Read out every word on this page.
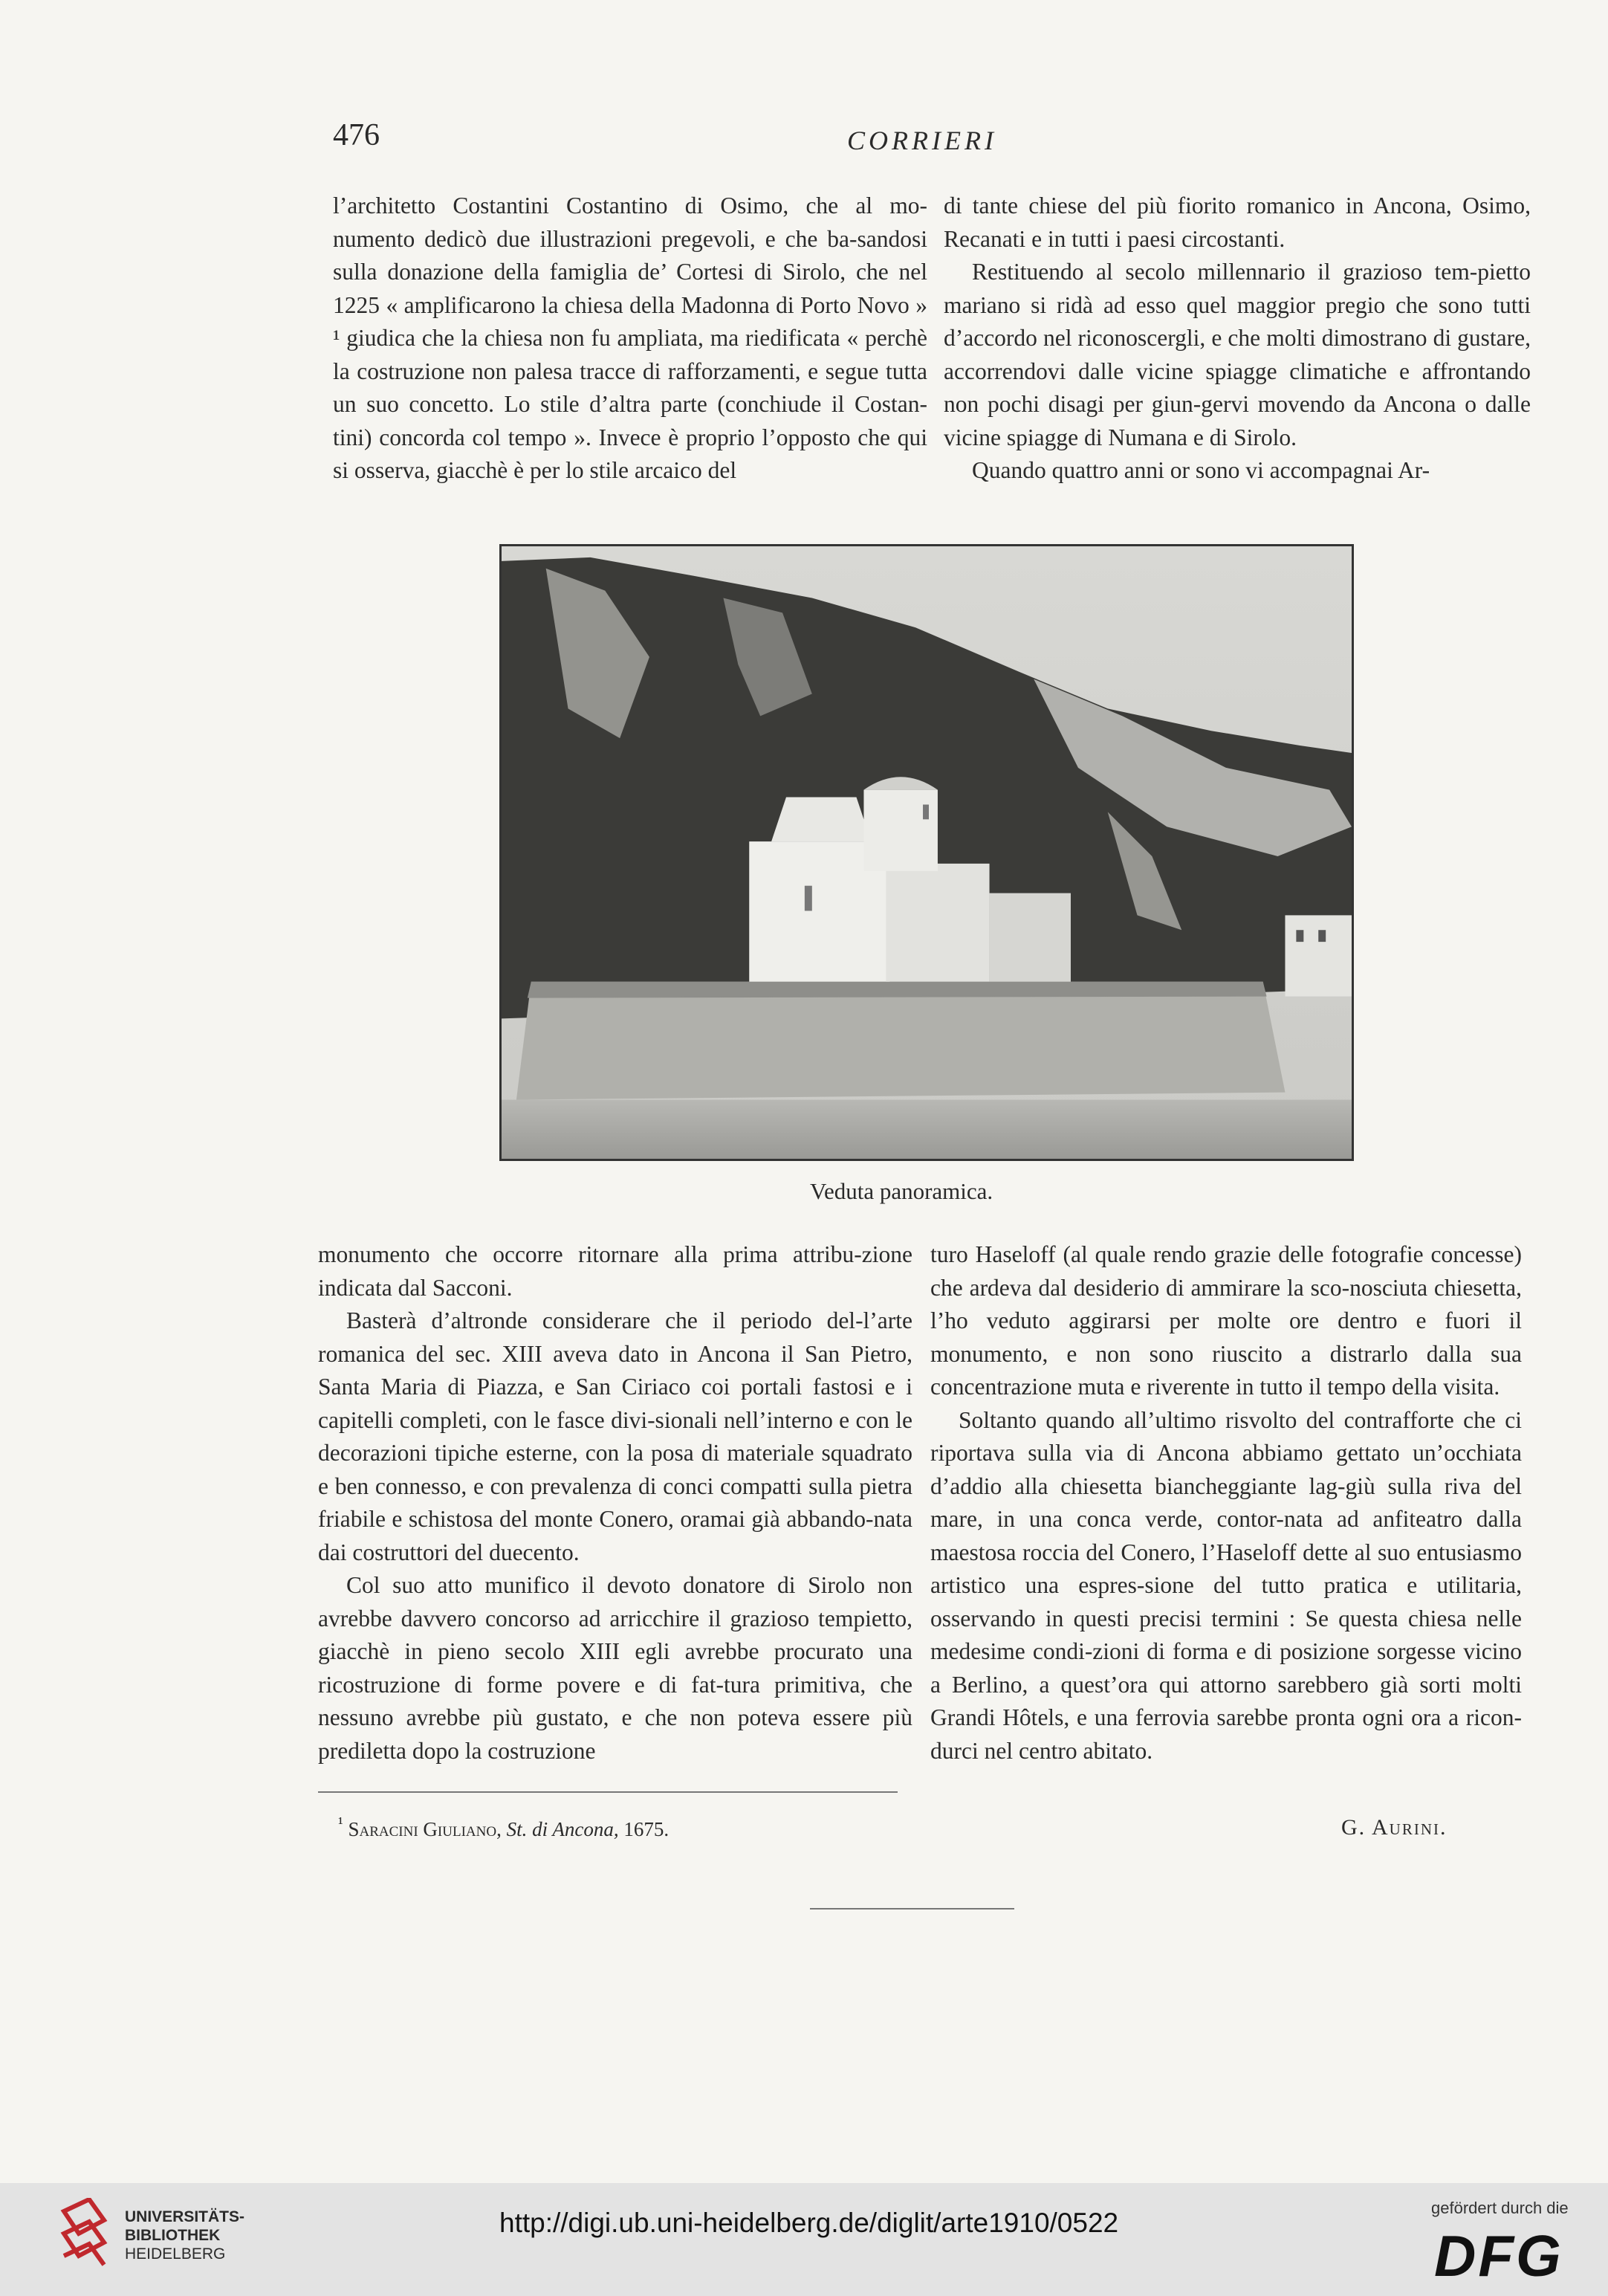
476	CORRIERI

l’architetto Costantini Costantino di Osimo, che al mo-numento dedicò due illustrazioni pregevoli, e che ba-sandosi sulla donazione della famiglia de’ Cortesi di Sirolo, che nel 1225 « amplificarono la chiesa della Madonna di Porto Novo » ¹ giudica che la chiesa non fu ampliata, ma riedificata « perchè la costruzione non palesa tracce di rafforzamenti, e segue tutta un suo concetto. Lo stile d’altra parte (conchiude il Costan-tini) concorda col tempo ». Invece è proprio l’opposto che qui si osserva, giacchè è per lo stile arcaico del

di tante chiese del più fiorito romanico in Ancona, Osimo, Recanati e in tutti i paesi circostanti.

Restituendo al secolo millennario il grazioso tem-pietto mariano si ridà ad esso quel maggior pregio che sono tutti d’accordo nel riconoscergli, e che molti dimostrano di gustare, accorrendovi dalle vicine spiagge climatiche e affrontando non pochi disagi per giun-gervi movendo da Ancona o dalle vicine spiagge di Numana e di Sirolo.

Quando quattro anni or sono vi accompagnai Ar-

Veduta panoramica.

monumento che occorre ritornare alla prima attribu-zione indicata dal Sacconi.

Basterà d’altronde considerare che il periodo del-l’arte romanica del sec. XIII aveva dato in Ancona il San Pietro, Santa Maria di Piazza, e San Ciriaco coi portali fastosi e i capitelli completi, con le fasce divi-sionali nell’interno e con le decorazioni tipiche esterne, con la posa di materiale squadrato e ben connesso, e con prevalenza di conci compatti sulla pietra friabile e schistosa del monte Conero, oramai già abbando-nata dai costruttori del duecento.

Col suo atto munifico il devoto donatore di Sirolo non avrebbe davvero concorso ad arricchire il grazioso tempietto, giacchè in pieno secolo XIII egli avrebbe procurato una ricostruzione di forme povere e di fat-tura primitiva, che nessuno avrebbe più gustato, e che non poteva essere più prediletta dopo la costruzione

turo Haseloff (al quale rendo grazie delle fotografie concesse) che ardeva dal desiderio di ammirare la sco-nosciuta chiesetta, l’ho veduto aggirarsi per molte ore dentro e fuori il monumento, e non sono riuscito a distrarlo dalla sua concentrazione muta e riverente in tutto il tempo della visita.

Soltanto quando all’ultimo risvolto del contrafforte che ci riportava sulla via di Ancona abbiamo gettato un’occhiata d’addio alla chiesetta biancheggiante lag-giù sulla riva del mare, in una conca verde, contor-nata ad anfiteatro dalla maestosa roccia del Conero, l’Haseloff dette al suo entusiasmo artistico una espres-sione del tutto pratica e utilitaria, osservando in questi precisi termini : Se questa chiesa nelle medesime condi-zioni di forma e di posizione sorgesse vicino a Berlino, a quest’ora qui attorno sarebbero già sorti molti Grandi Hôtels, e una ferrovia sarebbe pronta ogni ora a ricon-durci nel centro abitato.

$^{^1}$ Saracini Giuliano, St. di Ancona, 1675.	G. Aurini.
UNIVERSITÄTS-
BIBLIOTHEK
HEIDELBERG
http://digi.ub.uni-heidelberg.de/diglit/arte1910/0522	gefördert durch die
DFG
